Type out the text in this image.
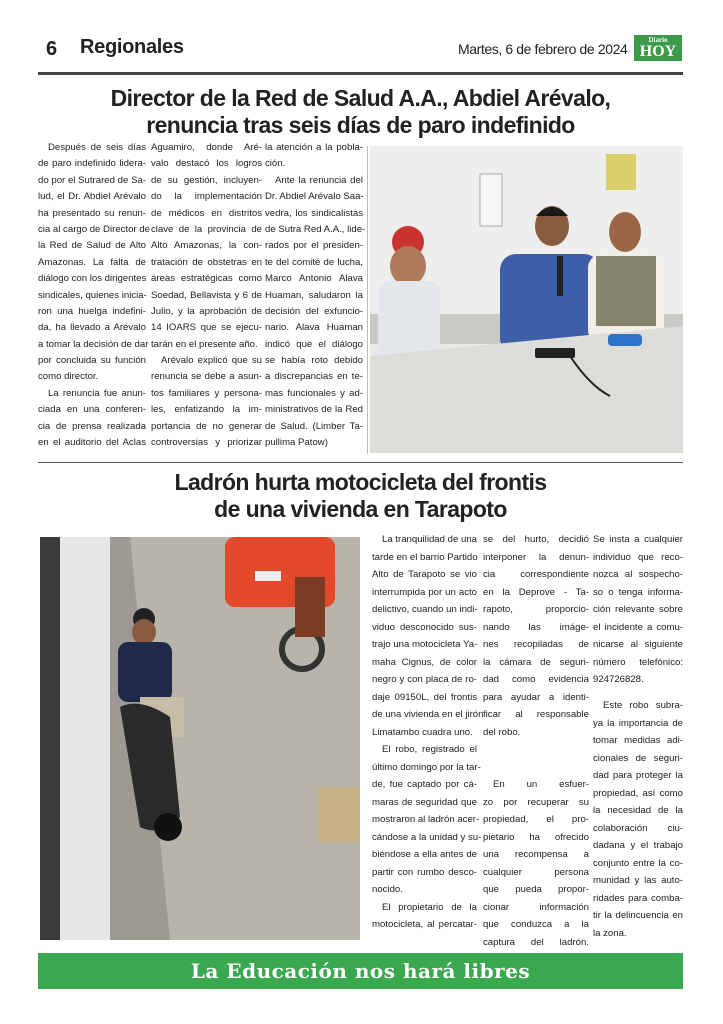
6 Regionales	Martes, 6 de febrero de 2024
Diario
HOY
Director de la Red de Salud A.A., Abdiel Arévalo,
renuncia tras seis días de paro indefinido
Después de seis días
de paro indefinido lidera-
do por el Sutrared de Sa-
lud, el Dr. Abdiel Arévalo
ha presentado su renun-
cia al cargo de Director de
la Red de Salud de Alto
Amazonas. La falta de
diálogo con los dirigentes
sindicales, quienes inicia-
ron una huelga indefini-
da, ha llevado a Arévalo
a tomar la decisión de dar
por concluida su función
como director.
La renuncia fue anun-
ciada en una conferen-
cia de prensa realizada
en el auditorio del Aclas
Aguamiro, donde Aré-
valo destacó los logros
de su gestión, incluyen-
do la implementación
de médicos en distritos
clave de la provincia de
Alto Amazonas, la con-
tratación de obstetras en
áreas estratégicas como
Soedad, Bellavista y 6 de
Julio, y la aprobación de
14 IOARS que se ejecu-
tarán en el presente año.
Arévalo explicó que su
renuncia se debe a asun-
tos familiares y persona-
les, enfatizando la im-
portancia de no generar
controversias y priorizar
la atención a la pobla-
ción.
Ante la renuncia del
Dr. Abdiel Arévalo Saa-
vedra, los sindicalistas
de Sutra Red A.A., lide-
rados por el presiden-
te del comité de lucha,
Marco Antonio Alava
Huaman, saludaron la
decisión del exfuncio-
nario. Alava Huaman
indicó que el diálogo
se había roto debido
a discrepancias en te-
mas funcionales y ad-
ministrativos de la Red
de Salud. (Limber Ta-
pullima Patow)
Ladrón hurta motocicleta del frontis
de una vivienda en Tarapoto
La tranquilidad de una
tarde en el barrio Partido
Alto de Tarapoto se vio
interrumpida por un acto
delictivo, cuando un indi-
viduo desconocido sus-
trajo una motocicleta Ya-
maha Cignus, de color
negro y con placa de ro-
daje 09150L, del frontis
de una vivienda en el jirón
Limatambo cuadra uno.
El robo, registrado el
último domingo por la tar-
de, fue captado por cá-
maras de seguridad que
mostraron al ladrón acer-
cándose a la unidad y su-
biéndose a ella antes de
partir con rumbo desco-
nocido.
El propietario de la
motocicleta, al percatar-
se del hurto, decidió
interponer la denun-
cia correspondiente
en la Deprove - Ta-
rapoto, proporcio-
nando las imáge-
nes recopiladas de
la cámara de seguri-
dad como evidencia
para ayudar a identi-
ficar al responsable
del robo.
En un esfuer-
zo por recuperar su
propiedad, el pro-
pietario ha ofrecido
una recompensa a
cualquier persona
que pueda propor-
cionar información
que conduzca a la
captura del ladrón.
Se insta a cualquier
individuo que reco-
nozca al sospecho-
so o tenga informa-
ción relevante sobre
el incidente a comu-
nicarse al siguiente
número telefónico:
924726828.
Este robo subra-
ya la importancia de
tomar medidas adi-
cionales de seguri-
dad para proteger la
propiedad, así como
la necesidad de la
colaboración ciu-
dadana y el trabajo
conjunto entre la co-
munidad y las auto-
ridades para comba-
tir la delincuencia en
la zona.
La Educación nos hará libres
